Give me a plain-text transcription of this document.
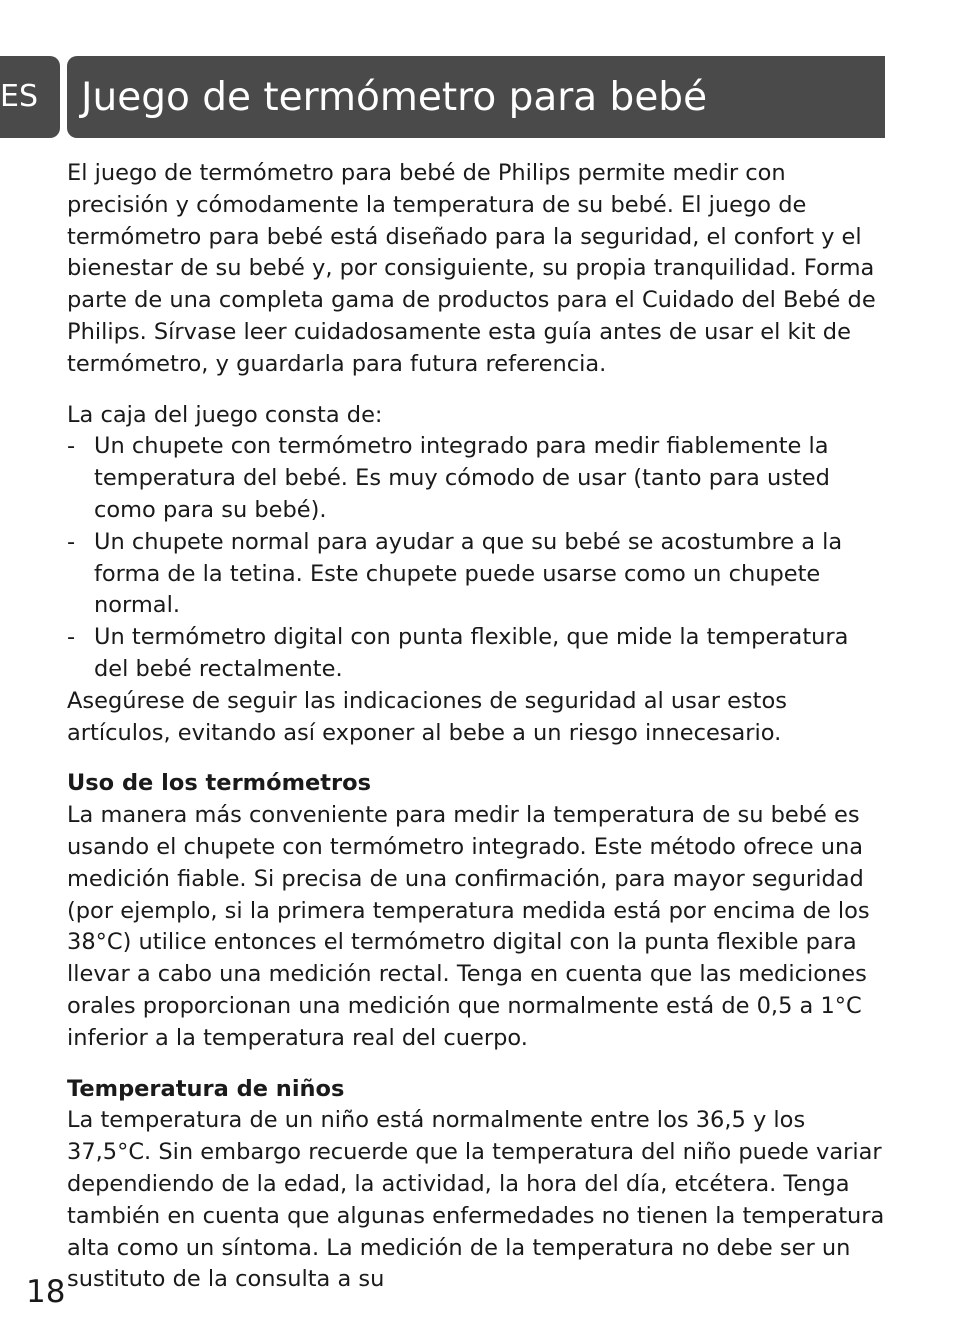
ES	Juego de termómetro para bebé

El juego de termómetro para bebé de Philips permite medir con precisión y cómodamente la temperatura de su bebé. El juego de termómetro para bebé está diseñado para la seguridad, el confort y el bienestar de su bebé y, por consiguiente, su propia tranquilidad. Forma parte de una completa gama de productos para el Cuidado del Bebé de Philips. Sírvase leer cuidadosamente esta guía antes de usar el kit de termómetro, y guardarla para futura referencia.

La caja del juego consta de:

- Un chupete con termómetro integrado para medir fiablemente la temperatura del bebé. Es muy cómodo de usar (tanto para usted como para su bebé).
- Un chupete normal para ayudar a que su bebé se acostumbre a la forma de la tetina. Este chupete puede usarse como un chupete normal.
- Un termómetro digital con punta flexible, que mide la temperatura del bebé rectalmente.

Asegúrese de seguir las indicaciones de seguridad al usar estos artículos, evitando así exponer al bebe a un riesgo innecesario.

Uso de los termómetros

La manera más conveniente para medir la temperatura de su bebé es usando el chupete con termómetro integrado. Este método ofrece una medición fiable. Si precisa de una confirmación, para mayor seguridad (por ejemplo, si la primera temperatura medida está por encima de los 38°C) utilice entonces el termómetro digital con la punta flexible para llevar a cabo una medición rectal. Tenga en cuenta que las mediciones orales proporcionan una medición que normalmente está de 0,5 a 1°C inferior a la temperatura real del cuerpo.

Temperatura de niños

La temperatura de un niño está normalmente entre los 36,5 y los 37,5°C. Sin embargo recuerde que la temperatura del niño puede variar dependiendo de la edad, la actividad, la hora del día, etcétera. Tenga también en cuenta que algunas enfermedades no tienen la temperatura alta como un síntoma. La medición de la temperatura no debe ser un sustituto de la consulta a su

18
